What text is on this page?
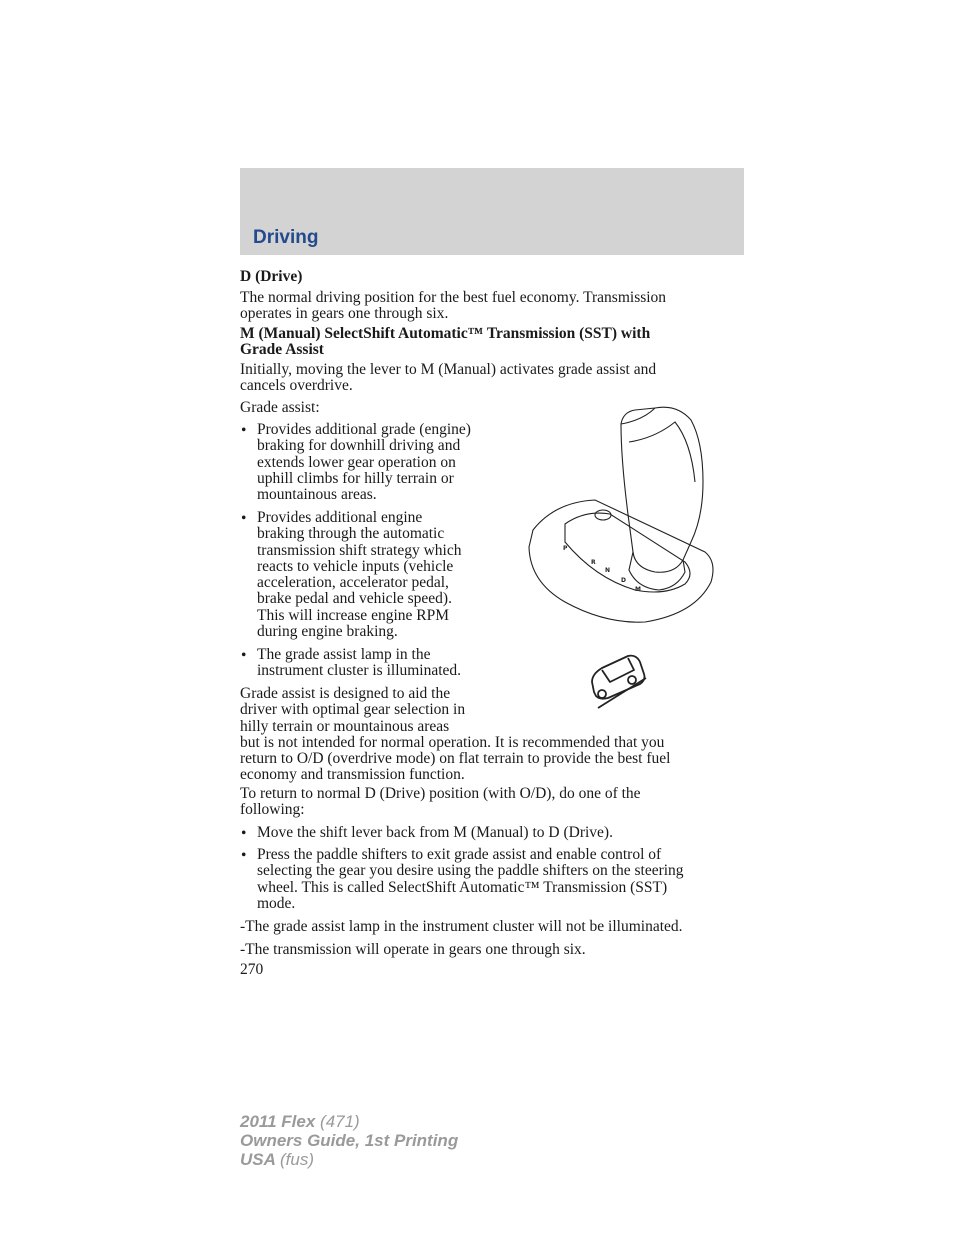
Driving
D (Drive)
The normal driving position for the best fuel economy. Transmission
operates in gears one through six.
M (Manual) SelectShift Automatic™ Transmission (SST) with
Grade Assist
Initially, moving the lever to M (Manual) activates grade assist and
cancels overdrive.
Grade assist:
• Provides additional grade (engine)
braking for downhill driving and
extends lower gear operation on
uphill climbs for hilly terrain or
mountainous areas.
• Provides additional engine
braking through the automatic
transmission shift strategy which
reacts to vehicle inputs (vehicle
acceleration, accelerator pedal,
brake pedal and vehicle speed).
This will increase engine RPM
during engine braking.
• The grade assist lamp in the
instrument cluster is illuminated.
Grade assist is designed to aid the
driver with optimal gear selection in
hilly terrain or mountainous areas
but is not intended for normal operation. It is recommended that you
return to O/D (overdrive mode) on flat terrain to provide the best fuel
economy and transmission function.
To return to normal D (Drive) position (with O/D), do one of the
following:
• Move the shift lever back from M (Manual) to D (Drive).
• Press the paddle shifters to exit grade assist and enable control of
selecting the gear you desire using the paddle shifters on the steering
wheel. This is called SelectShift Automatic™ Transmission (SST)
mode.
-The grade assist lamp in the instrument cluster will not be illuminated.
-The transmission will operate in gears one through six.
270
P
R
N
D
M
2011 Flex (471)
Owners Guide, 1st Printing
USA (fus)
